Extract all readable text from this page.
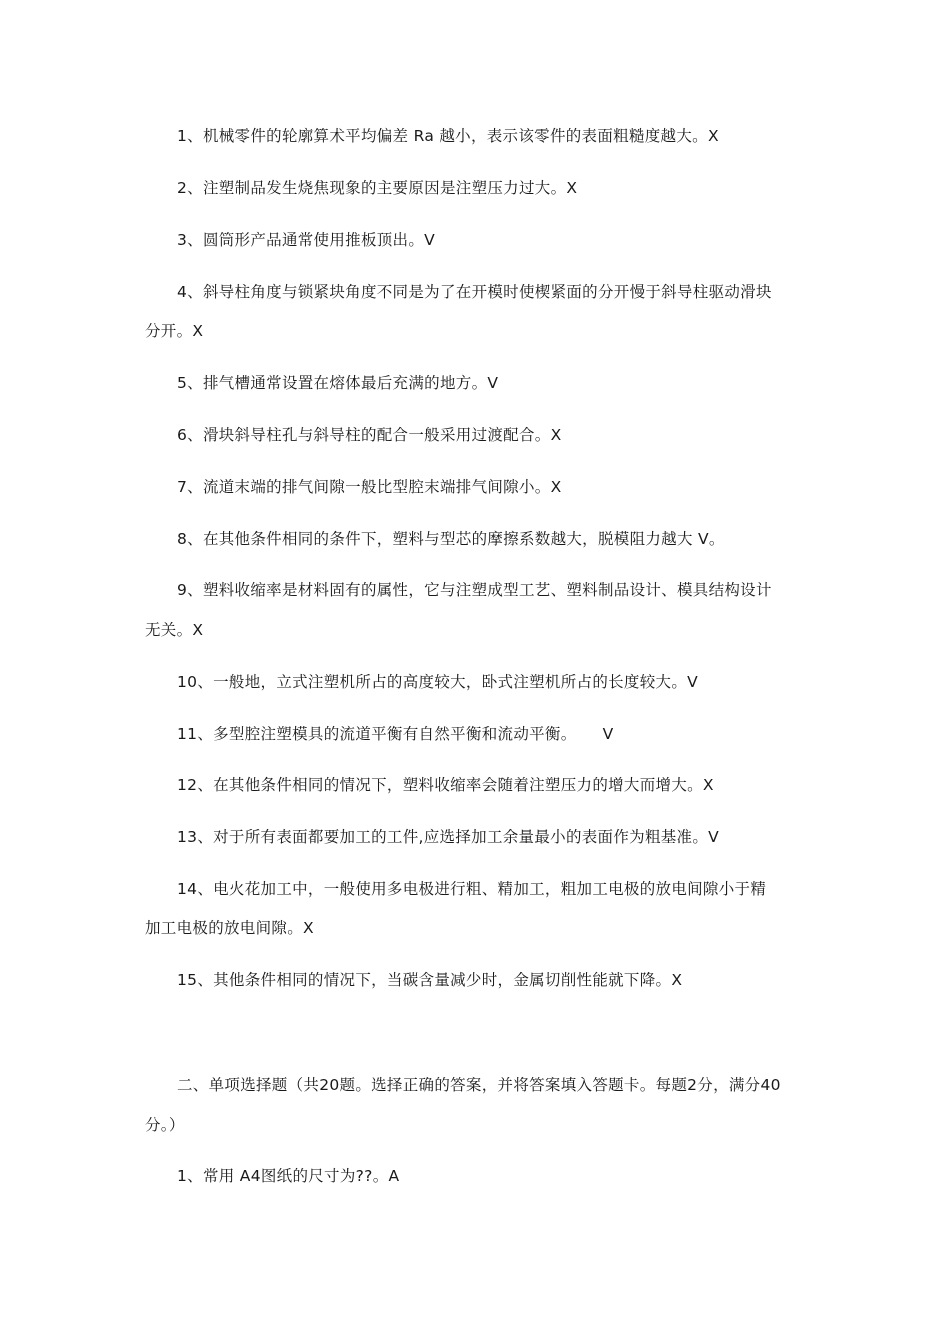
1、机械零件的轮廓算术平均偏差 Ra 越小，表示该零件的表面粗糙度越大。X
2、注塑制品发生烧焦现象的主要原因是注塑压力过大。X
3、圆筒形产品通常使用推板顶出。V
4、斜导柱角度与锁紧块角度不同是为了在开模时使楔紧面的分开慢于斜导柱驱动滑块
分开。X
5、排气槽通常设置在熔体最后充满的地方。V
6、滑块斜导柱孔与斜导柱的配合一般采用过渡配合。X
7、流道末端的排气间隙一般比型腔末端排气间隙小。X
8、在其他条件相同的条件下，塑料与型芯的摩擦系数越大，脱模阻力越大 V。
9、塑料收缩率是材料固有的属性，它与注塑成型工艺、塑料制品设计、模具结构设计
无关。X
10、一般地，立式注塑机所占的高度较大，卧式注塑机所占的长度较大。V
11、多型腔注塑模具的流道平衡有自然平衡和流动平衡。     V
12、在其他条件相同的情况下，塑料收缩率会随着注塑压力的增大而增大。X
13、对于所有表面都要加工的工件,应选择加工余量最小的表面作为粗基准。V
14、电火花加工中，一般使用多电极进行粗、精加工，粗加工电极的放电间隙小于精
加工电极的放电间隙。X
15、其他条件相同的情况下，当碳含量减少时，金属切削性能就下降。X
二、单项选择题（共20题。选择正确的答案，并将答案填入答题卡。每题2分，满分40
分。）
1、常用 A4图纸的尺寸为??。A
